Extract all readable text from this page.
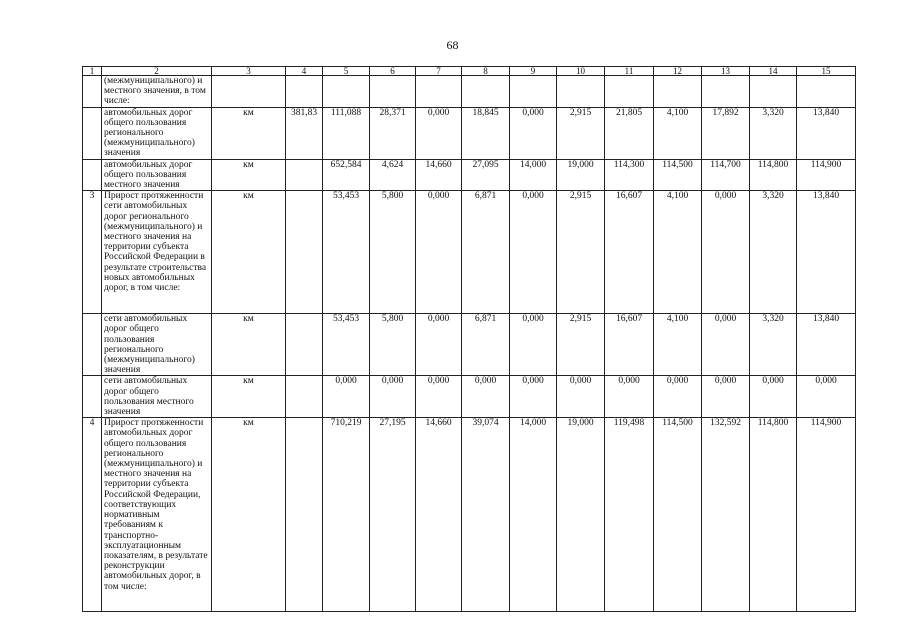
68
1	2	3	4	5	6	7	8	9	10	11	12	13	14	15
	(межмуниципального) и местного значения, в том числе:													
	автомобильных дорог общего пользования регионального (межмуниципального) значения	км	381,83	111,088	28,371	0,000	18,845	0,000	2,915	21,805	4,100	17,892	3,320	13,840
	автомобильных дорог общего пользования местного значения	км		652,584	4,624	14,660	27,095	14,000	19,000	114,300	114,500	114,700	114,800	114,900
3	Прирост протяженности сети автомобильных дорог регионального (межмуниципального) и местного значения на территории субъекта Российской Федерации в результате строительства новых автомобильных дорог, в том числе:	км		53,453	5,800	0,000	6,871	0,000	2,915	16,607	4,100	0,000	3,320	13,840
	сети автомобильных дорог общего пользования регионального (межмуниципального) значения	км		53,453	5,800	0,000	6,871	0,000	2,915	16,607	4,100	0,000	3,320	13,840
	сети автомобильных дорог общего пользования местного значения	км		0,000	0,000	0,000	0,000	0,000	0,000	0,000	0,000	0,000	0,000	0,000
4	Прирост протяженности автомобильных дорог общего пользования регионального (межмуниципального) и местного значения на территории субъекта Российской Федерации, соответствующих нормативным требованиям к транспортно-эксплуатационным показателям, в результате реконструкции автомобильных дорог, в том числе:	км		710,219	27,195	14,660	39,074	14,000	19,000	119,498	114,500	132,592	114,800	114,900
